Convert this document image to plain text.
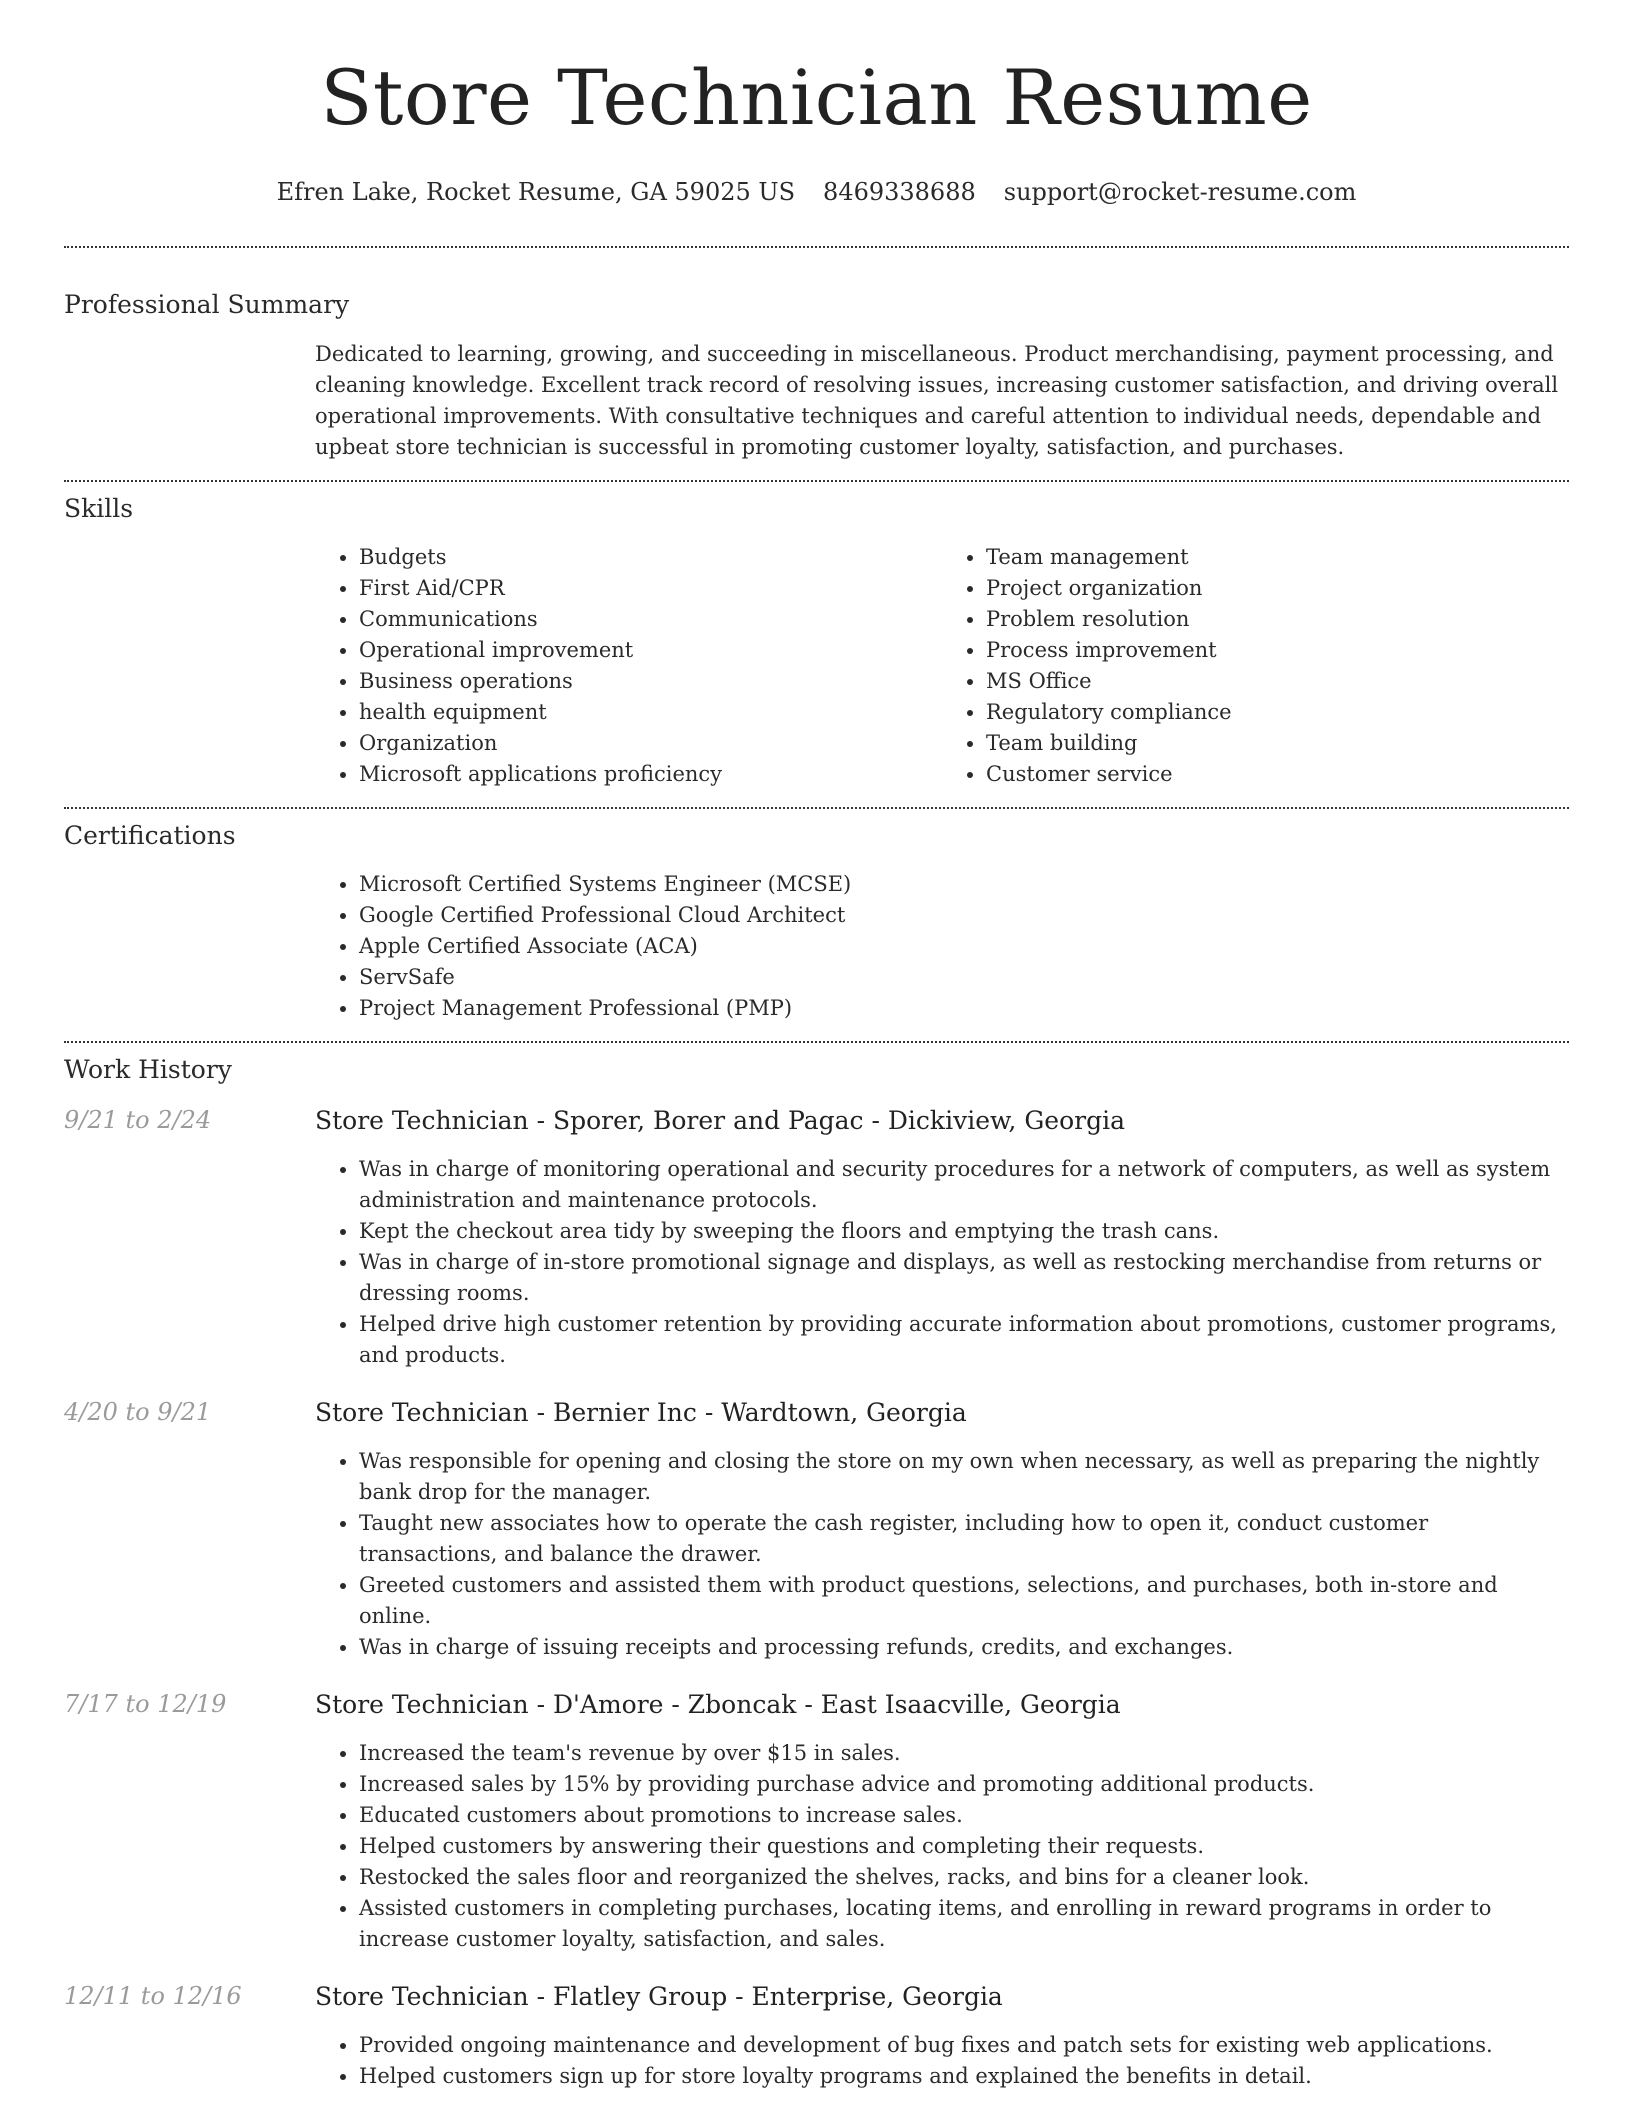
Store Technician Resume
Efren Lake, Rocket Resume, GA 59025 US 8469338688 support@rocket-resume.com
Professional Summary

Dedicated to learning, growing, and succeeding in miscellaneous. Product merchandising, payment processing, and cleaning knowledge. Excellent track record of resolving issues, increasing customer satisfaction, and driving overall operational improvements. With consultative techniques and careful attention to individual needs, dependable and upbeat store technician is successful in promoting customer loyalty, satisfaction, and purchases.

Skills
• Budgets
• First Aid/CPR
• Communications
• Operational improvement
• Business operations
• health equipment
• Organization
• Microsoft applications proficiency
• Team management
• Project organization
• Problem resolution
• Process improvement
• MS Office
• Regulatory compliance
• Team building
• Customer service
Certifications
• Microsoft Certified Systems Engineer (MCSE)
• Google Certified Professional Cloud Architect
• Apple Certified Associate (ACA)
• ServSafe
• Project Management Professional (PMP)
Work History
9/21 to 2/24	Store Technician - Sporer, Borer and Pagac - Dickiview, Georgia
• Was in charge of monitoring operational and security procedures for a network of computers, as well as system administration and maintenance protocols.
• Kept the checkout area tidy by sweeping the floors and emptying the trash cans.
• Was in charge of in-store promotional signage and displays, as well as restocking merchandise from returns or dressing rooms.
• Helped drive high customer retention by providing accurate information about promotions, customer programs, and products.
4/20 to 9/21	Store Technician - Bernier Inc - Wardtown, Georgia
• Was responsible for opening and closing the store on my own when necessary, as well as preparing the nightly bank drop for the manager.
• Taught new associates how to operate the cash register, including how to open it, conduct customer transactions, and balance the drawer.
• Greeted customers and assisted them with product questions, selections, and purchases, both in-store and online.
• Was in charge of issuing receipts and processing refunds, credits, and exchanges.
7/17 to 12/19	Store Technician - D'Amore - Zboncak - East Isaacville, Georgia
• Increased the team's revenue by over $15 in sales.
• Increased sales by 15% by providing purchase advice and promoting additional products.
• Educated customers about promotions to increase sales.
• Helped customers by answering their questions and completing their requests.
• Restocked the sales floor and reorganized the shelves, racks, and bins for a cleaner look.
• Assisted customers in completing purchases, locating items, and enrolling in reward programs in order to increase customer loyalty, satisfaction, and sales.
12/11 to 12/16	Store Technician - Flatley Group - Enterprise, Georgia
• Provided ongoing maintenance and development of bug fixes and patch sets for existing web applications.
• Helped customers sign up for store loyalty programs and explained the benefits in detail.
